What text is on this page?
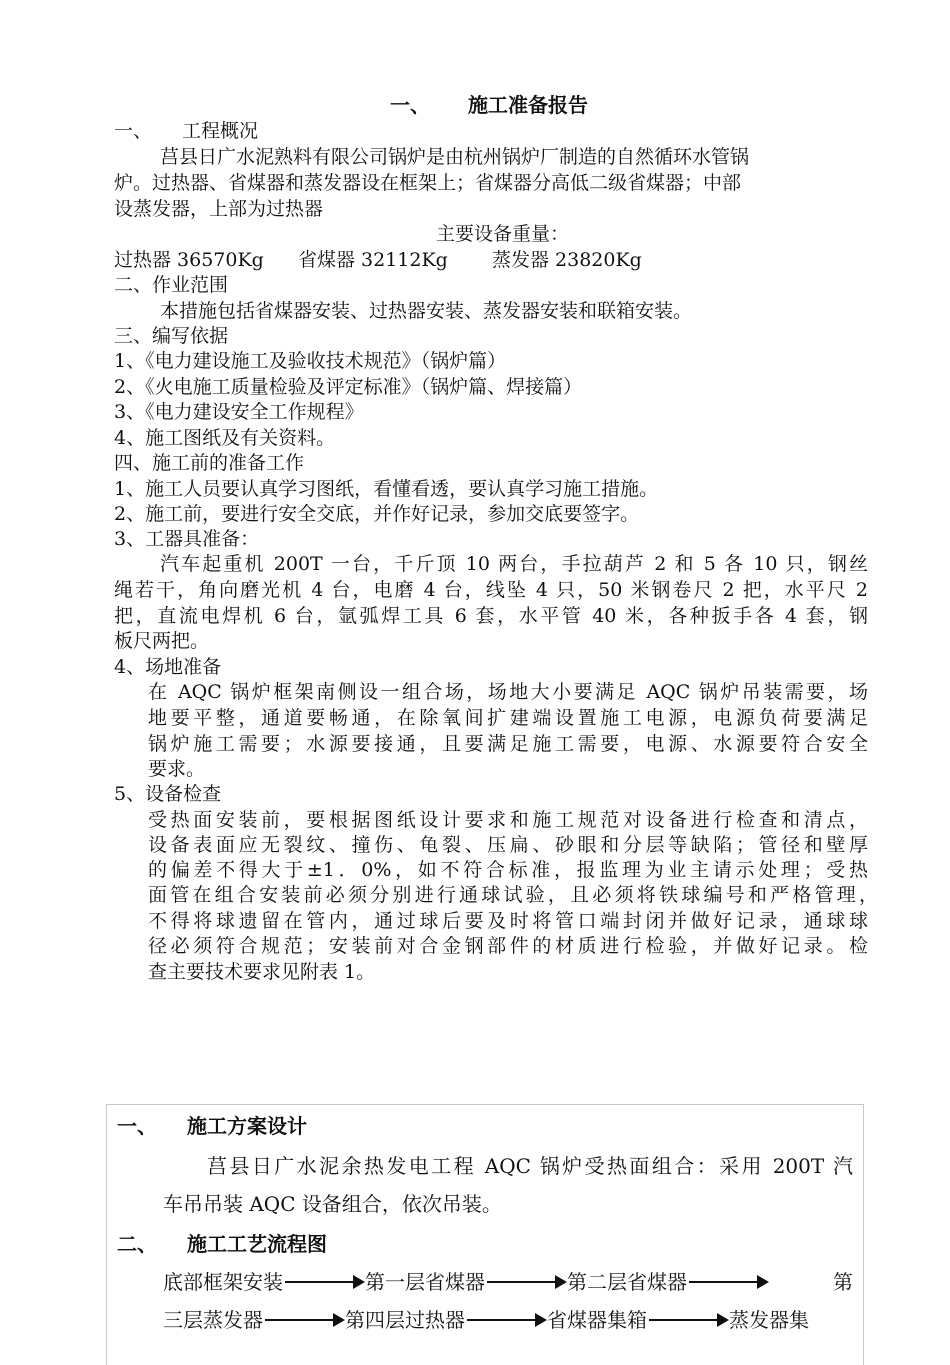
一、 施工准备报告
一、 工程概况
莒县日广水泥熟料有限公司锅炉是由杭州锅炉厂制造的自然循环水管锅
炉。过热器、省煤器和蒸发器设在框架上；省煤器分高低二级省煤器；中部
设蒸发器，上部为过热器
主要设备重量：
过热器 36570Kg 省煤器 32112Kg 蒸发器 23820Kg
二、作业范围
本措施包括省煤器安装、过热器安装、蒸发器安装和联箱安装。
三、编写依据
1、《电力建设施工及验收技术规范》（锅炉篇）
2、《火电施工质量检验及评定标准》（锅炉篇、焊接篇）
3、《电力建设安全工作规程》
4、施工图纸及有关资料。
四、施工前的准备工作
1、施工人员要认真学习图纸，看懂看透，要认真学习施工措施。
2、施工前，要进行安全交底，并作好记录，参加交底要签字。
3、工器具准备：
汽车起重机 200T 一台，千斤顶 10 两台，手拉葫芦 2 和 5 各 10 只，钢丝
绳若干，角向磨光机 4 台，电磨 4 台，线坠 4 只，50 米钢卷尺 2 把，水平尺 2
把，直流电焊机 6 台，氩弧焊工具 6 套，水平管 40 米，各种扳手各 4 套，钢
板尺两把。
4、场地准备
在 AQC 锅炉框架南侧设一组合场，场地大小要满足 AQC 锅炉吊装需要，场
地要平整，通道要畅通，在除氧间扩建端设置施工电源，电源负荷要满足
锅炉施工需要；水源要接通，且要满足施工需要，电源、水源要符合安全
要求。
5、设备检查
受热面安装前，要根据图纸设计要求和施工规范对设备进行检查和清点，
设备表面应无裂纹、撞伤、龟裂、压扁、砂眼和分层等缺陷；管径和壁厚
的偏差不得大于±1．0%，如不符合标准，报监理为业主请示处理；受热
面管在组合安装前必须分别进行通球试验，且必须将铁球编号和严格管理，
不得将球遗留在管内，通过球后要及时将管口端封闭并做好记录，通球球
径必须符合规范；安装前对合金钢部件的材质进行检验，并做好记录。检
查主要技术要求见附表 1。
一、 施工方案设计
莒县日广水泥余热发电工程 AQC 锅炉受热面组合：采用 200T 汽
车吊吊装 AQC 设备组合，依次吊装。
二、 施工工艺流程图
底部框架安装	第一层省煤器	第二层省煤器	第
三层蒸发器	第四层过热器	省煤器集箱	蒸发器集
